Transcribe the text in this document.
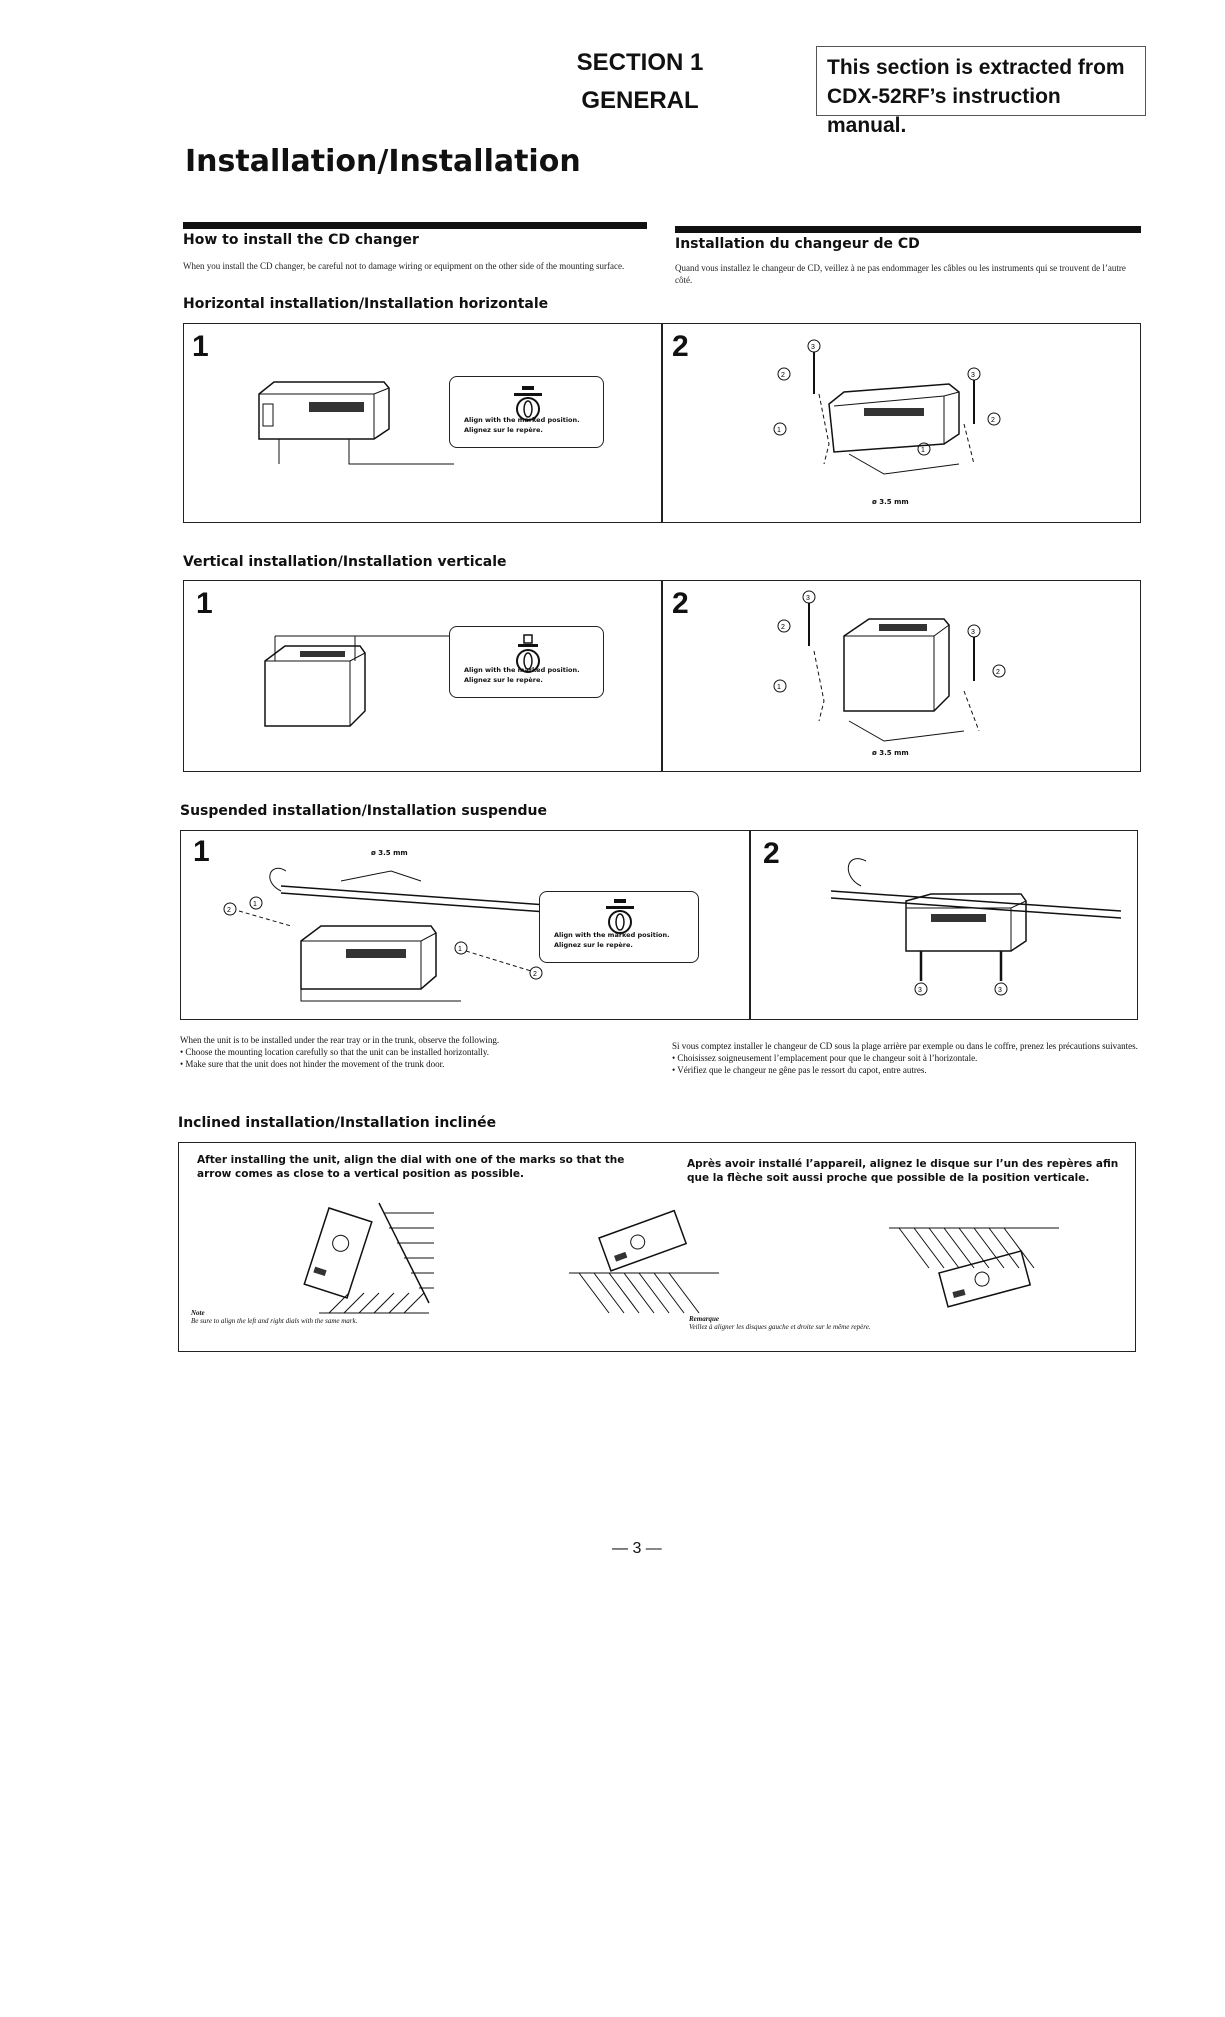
SECTION 1
GENERAL
This section is extracted from
CDX-52RF’s instruction manual.
Installation/Installation
How to install the CD changer
When you install the CD changer, be careful not to damage wiring or equipment on the other side of the mounting surface.
Installation du changeur de CD
Quand vous installez le changeur de CD, veillez à ne pas endommager les câbles ou les instruments qui se trouvent de l’autre côté.
Horizontal installation/Installation horizontale
1	2
Align with the marked position.
Alignez sur le repère.
3
2
1
3
2
1
ø 3.5 mm
Vertical installation/Installation verticale
1	2
Align with the marked position.
Alignez sur le repère.
3
2
1
3
2
ø 3.5 mm
Suspended installation/Installation suspendue
1	2
ø 3.5 mm
2
1
1
2
Align with the marked position.
Alignez sur le repère.
3	3
When the unit is to be installed under the rear tray or in the trunk, observe the following.
• Choose the mounting location carefully so that the unit can be installed horizontally.
• Make sure that the unit does not hinder the movement of the trunk door.
Si vous comptez installer le changeur de CD sous la plage arrière par exemple ou dans le coffre, prenez les précautions suivantes.
• Choisissez soigneusement l’emplacement pour que le changeur soit à l’horizontale.
• Vérifiez que le changeur ne gêne pas le ressort du capot, entre autres.
Inclined installation/Installation inclinée
After installing the unit, align the dial with one of the marks so that the arrow comes as close to a vertical position as possible.
Après avoir installé l’appareil, alignez le disque sur l’un des repères afin que la flèche soit aussi proche que possible de la position verticale.
Note
Be sure to align the left and right dials with the same mark.	Remarque
Veillez à aligner les disques gauche et droite sur le même repère.
— 3 —
